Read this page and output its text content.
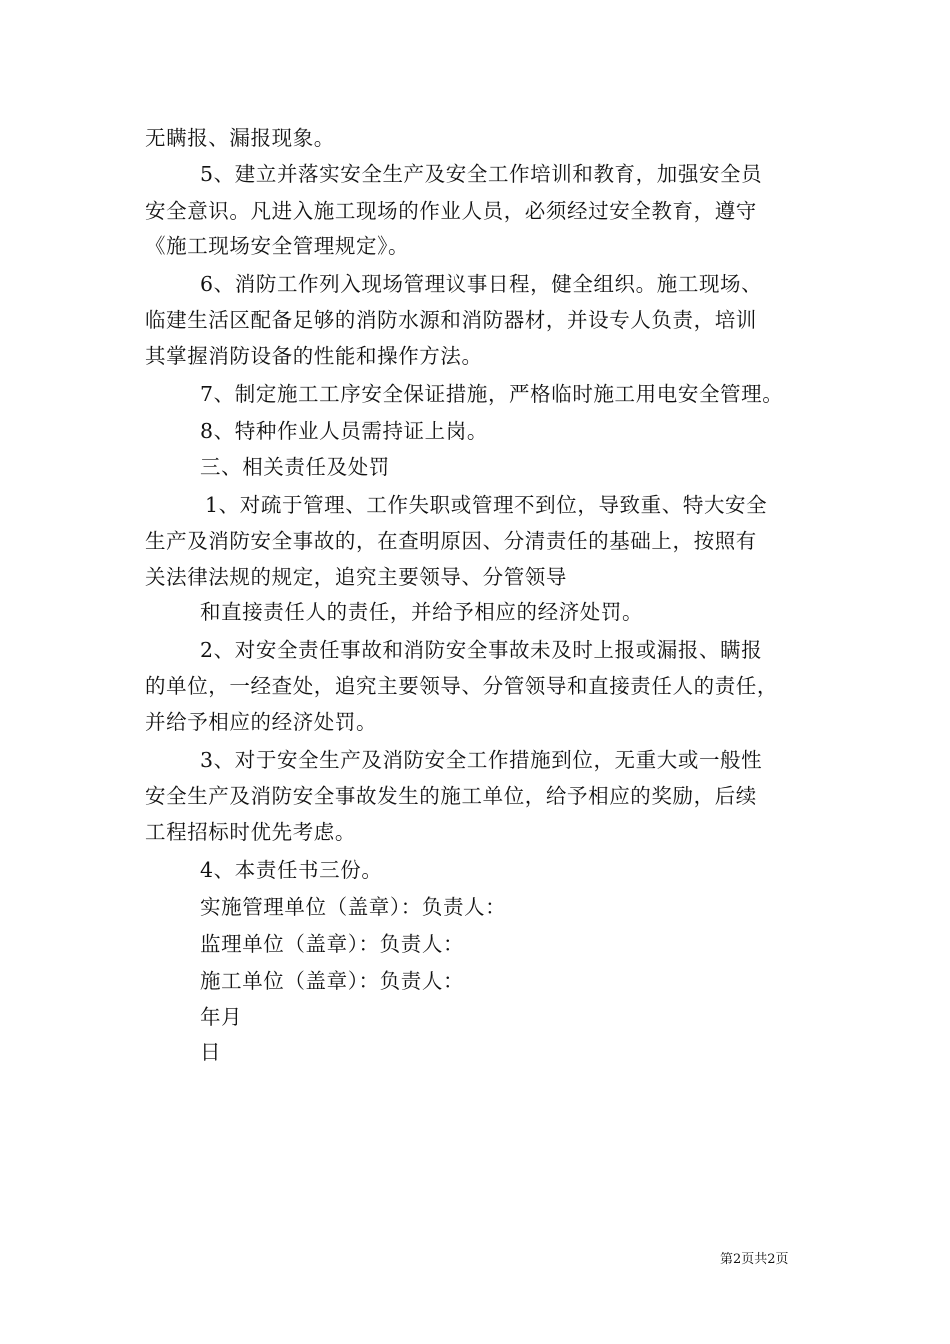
无瞒报、漏报现象。
5、建立并落实安全生产及安全工作培训和教育，加强安全员
安全意识。凡进入施工现场的作业人员，必须经过安全教育，遵守
《施工现场安全管理规定》。
6、消防工作列入现场管理议事日程，健全组织。施工现场、
临建生活区配备足够的消防水源和消防器材，并设专人负责，培训
其掌握消防设备的性能和操作方法。
7、制定施工工序安全保证措施，严格临时施工用电安全管理。
8、特种作业人员需持证上岗。
三、相关责任及处罚
1、对疏于管理、工作失职或管理不到位，导致重、特大安全
生产及消防安全事故的，在查明原因、分清责任的基础上，按照有
关法律法规的规定，追究主要领导、分管领导
和直接责任人的责任，并给予相应的经济处罚。
2、对安全责任事故和消防安全事故未及时上报或漏报、瞒报
的单位，一经查处，追究主要领导、分管领导和直接责任人的责任，
并给予相应的经济处罚。
3、对于安全生产及消防安全工作措施到位，无重大或一般性
安全生产及消防安全事故发生的施工单位，给予相应的奖励，后续
工程招标时优先考虑。
4、本责任书三份。
实施管理单位（盖章）：负责人：
监理单位（盖章）：负责人：
施工单位（盖章）：负责人：
年月
日
第2页共2页
